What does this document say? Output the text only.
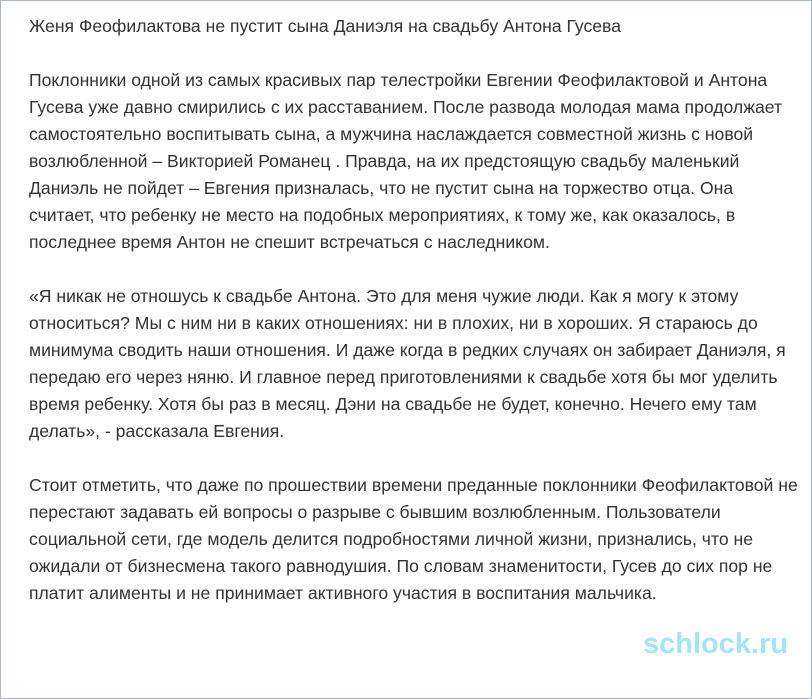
Женя Феофилактова не пустит сына Даниэля на свадьбу Антона Гусева

Поклонники одной из самых красивых пар телестройки Евгении Феофилактовой и Антона Гусева уже давно смирились с их расставанием. После развода молодая мама продолжает самостоятельно воспитывать сына, а мужчина наслаждается совместной жизнь с новой возлюбленной – Викторией Романец . Правда, на их предстоящую свадьбу маленький Даниэль не пойдет – Евгения призналась, что не пустит сына на торжество отца. Она считает, что ребенку не место на подобных мероприятиях, к тому же, как оказалось, в последнее время Антон не спешит встречаться с наследником.

«Я никак не отношусь к свадьбе Антона. Это для меня чужие люди. Как я могу к этому относиться? Мы с ним ни в каких отношениях: ни в плохих, ни в хороших. Я стараюсь до минимума сводить наши отношения. И даже когда в редких случаях он забирает Даниэля, я передаю его через няню. И главное перед приготовлениями к свадьбе хотя бы мог уделить время ребенку. Хотя бы раз в месяц. Дэни на свадьбе не будет, конечно. Нечего ему там делать», - рассказала Евгения.

Стоит отметить, что даже по прошествии времени преданные поклонники Феофилактовой не перестают задавать ей вопросы о разрыве с бывшим возлюбленным. Пользователи социальной сети, где модель делится подробностями личной жизни, признались, что не ожидали от бизнесмена такого равнодушия. По словам знаменитости, Гусев до сих пор не платит алименты и не принимает активного участия в воспитания мальчика.

schlock.ru
